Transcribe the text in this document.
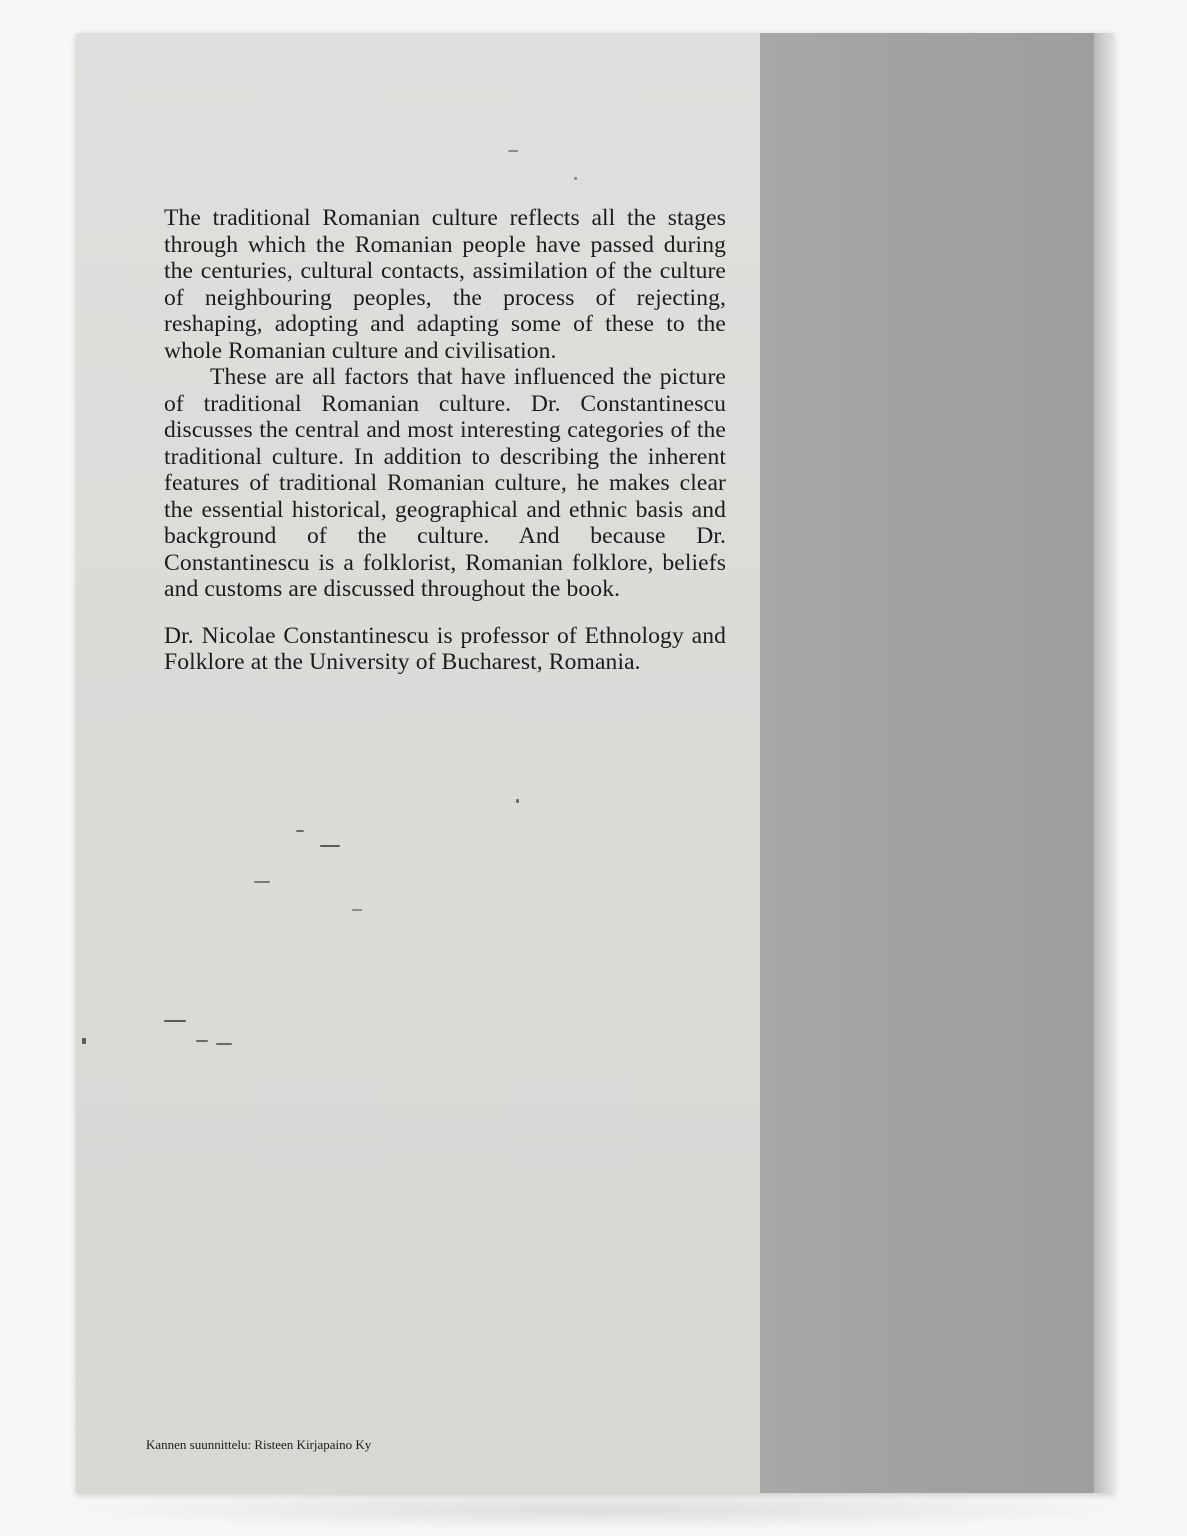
The traditional Romanian culture reflects all the stages through which the Romanian people have passed during the centuries, cultural contacts, assimilation of the culture of neighbouring peoples, the process of rejecting, reshaping, adopting and adapting some of these to the whole Romanian culture and civilisation.

These are all factors that have influenced the picture of traditional Romanian culture. Dr. Constantinescu discusses the central and most interesting categories of the traditional culture. In addition to describing the inherent features of traditional Romanian culture, he makes clear the essential historical, geographical and ethnic basis and background of the culture. And because Dr. Constantinescu is a folklorist, Romanian folklore, beliefs and customs are discussed throughout the book.

Dr. Nicolae Constantinescu is professor of Ethnology and Folklore at the University of Bucharest, Romania.

Kannen suunnittelu: Risteen Kirjapaino Ky
